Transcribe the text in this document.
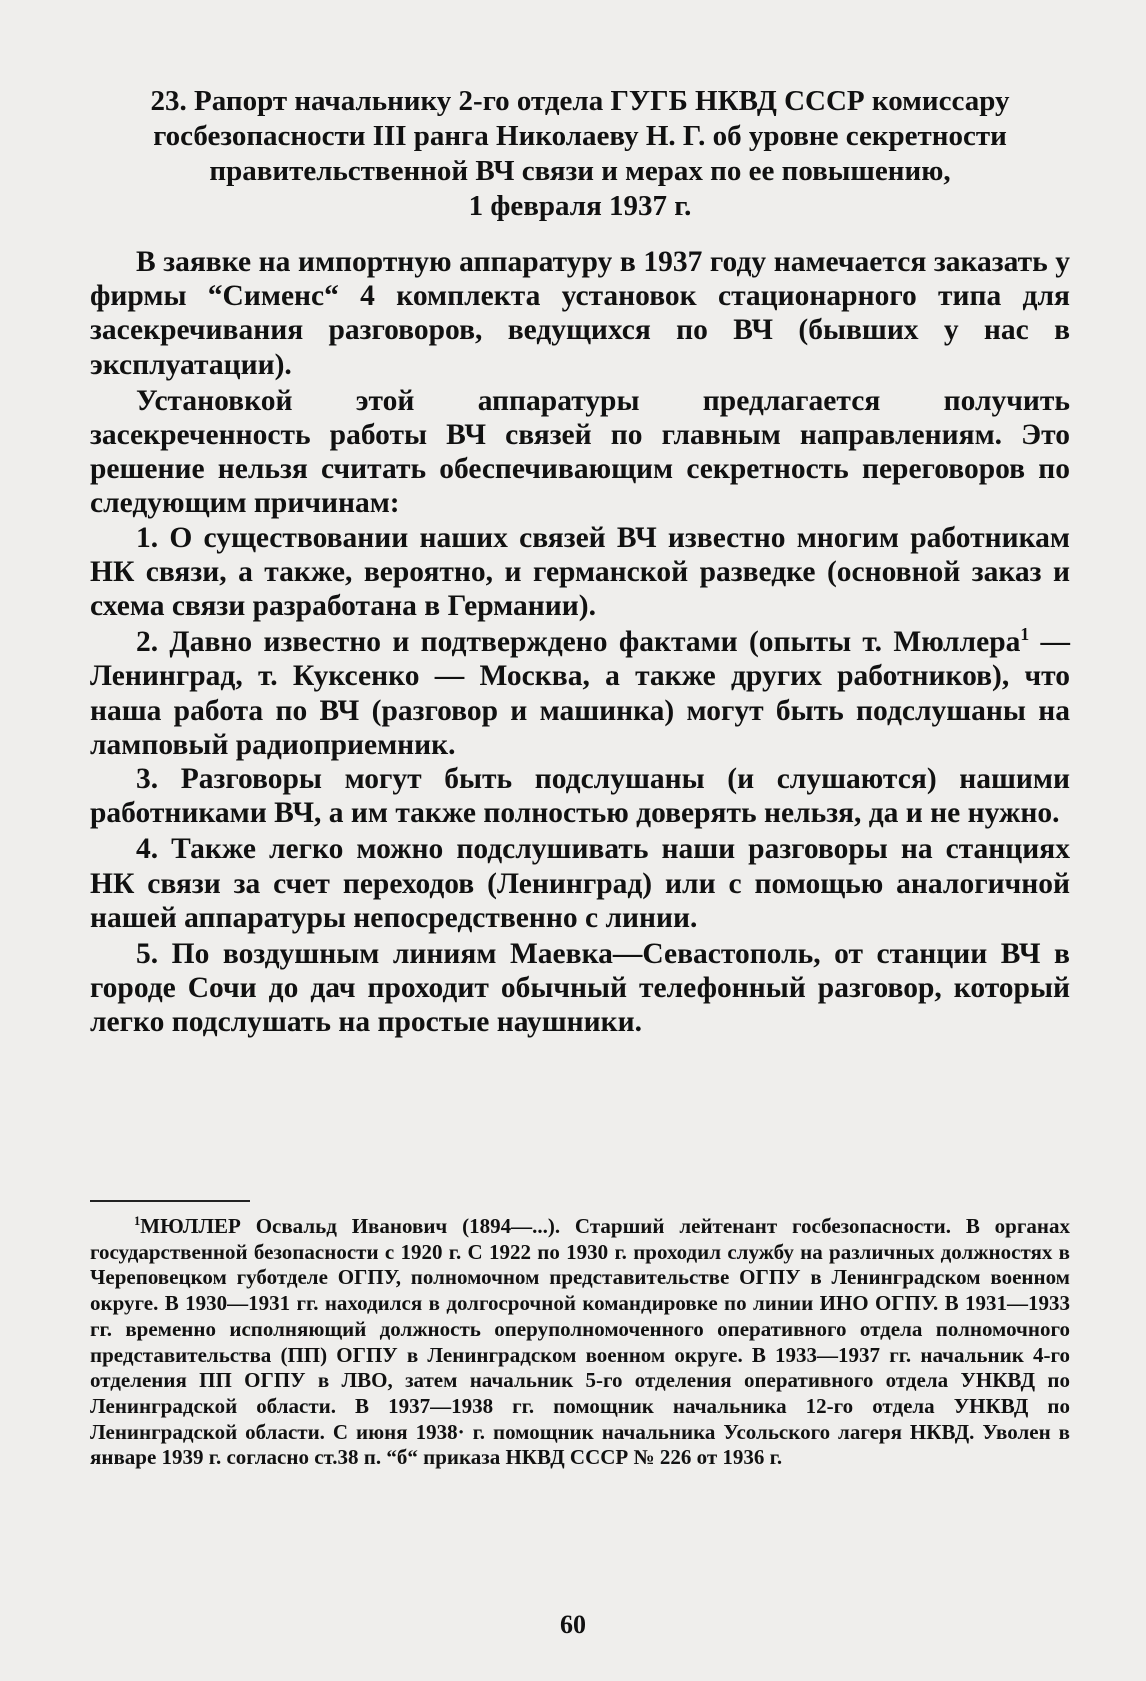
23. Рапорт начальнику 2-го отдела ГУГБ НКВД СССР комиссару
госбезопасности III ранга Николаеву Н. Г. об уровне секретности
правительственной ВЧ связи и мерах по ее повышению,
1 февраля 1937 г.

В заявке на импортную аппаратуру в 1937 году намечается заказать у фирмы “Сименс“ 4 комплекта установок стационарного типа для засекречивания разговоров, ведущихся по ВЧ (бывших у нас в эксплуатации).

Установкой этой аппаратуры предлагается получить засекреченность работы ВЧ связей по главным направлениям. Это решение нельзя считать обеспечивающим секретность переговоров по следующим причинам:

1. О существовании наших связей ВЧ известно многим работникам НК связи, а также, вероятно, и германской разведке (основной заказ и схема связи разработана в Германии).

2. Давно известно и подтверждено фактами (опыты т. Мюллера$^1$ — Ленинград, т. Куксенко — Москва, а также других работников), что наша работа по ВЧ (разговор и машинка) могут быть подслушаны на ламповый радиоприемник.

3. Разговоры могут быть подслушаны (и слушаются) нашими работниками ВЧ, а им также полностью доверять нельзя, да и не нужно.

4. Также легко можно подслушивать наши разговоры на станциях НК связи за счет переходов (Ленинград) или с помощью аналогичной нашей аппаратуры непосредственно с линии.

5. По воздушным линиям Маевка—Севастополь, от станции ВЧ в городе Сочи до дач проходит обычный телефонный разговор, который легко подслушать на простые наушники.

$^1$МЮЛЛЕР Освальд Иванович (1894—...). Старший лейтенант госбезопасности. В органах государственной безопасности с 1920 г. С 1922 по 1930 г. проходил службу на различных должностях в Череповецком губотделе ОГПУ, полномочном представительстве ОГПУ в Ленинградском военном округе. В 1930—1931 гг. находился в долгосрочной командировке по линии ИНО ОГПУ. В 1931—1933 гг. временно исполняющий должность оперуполномоченного оперативного отдела полномочного представительства (ПП) ОГПУ в Ленинградском военном округе. В 1933—1937 гг. начальник 4-го отделения ПП ОГПУ в ЛВО, затем начальник 5-го отделения оперативного отдела УНКВД по Ленинградской области. В 1937—1938 гг. помощник начальника 12-го отдела УНКВД по Ленинградской области. С июня 1938· г. помощник начальника Усольского лагеря НКВД. Уволен в январе 1939 г. согласно ст.38 п. “б“ приказа НКВД СССР № 226 от 1936 г.
60
